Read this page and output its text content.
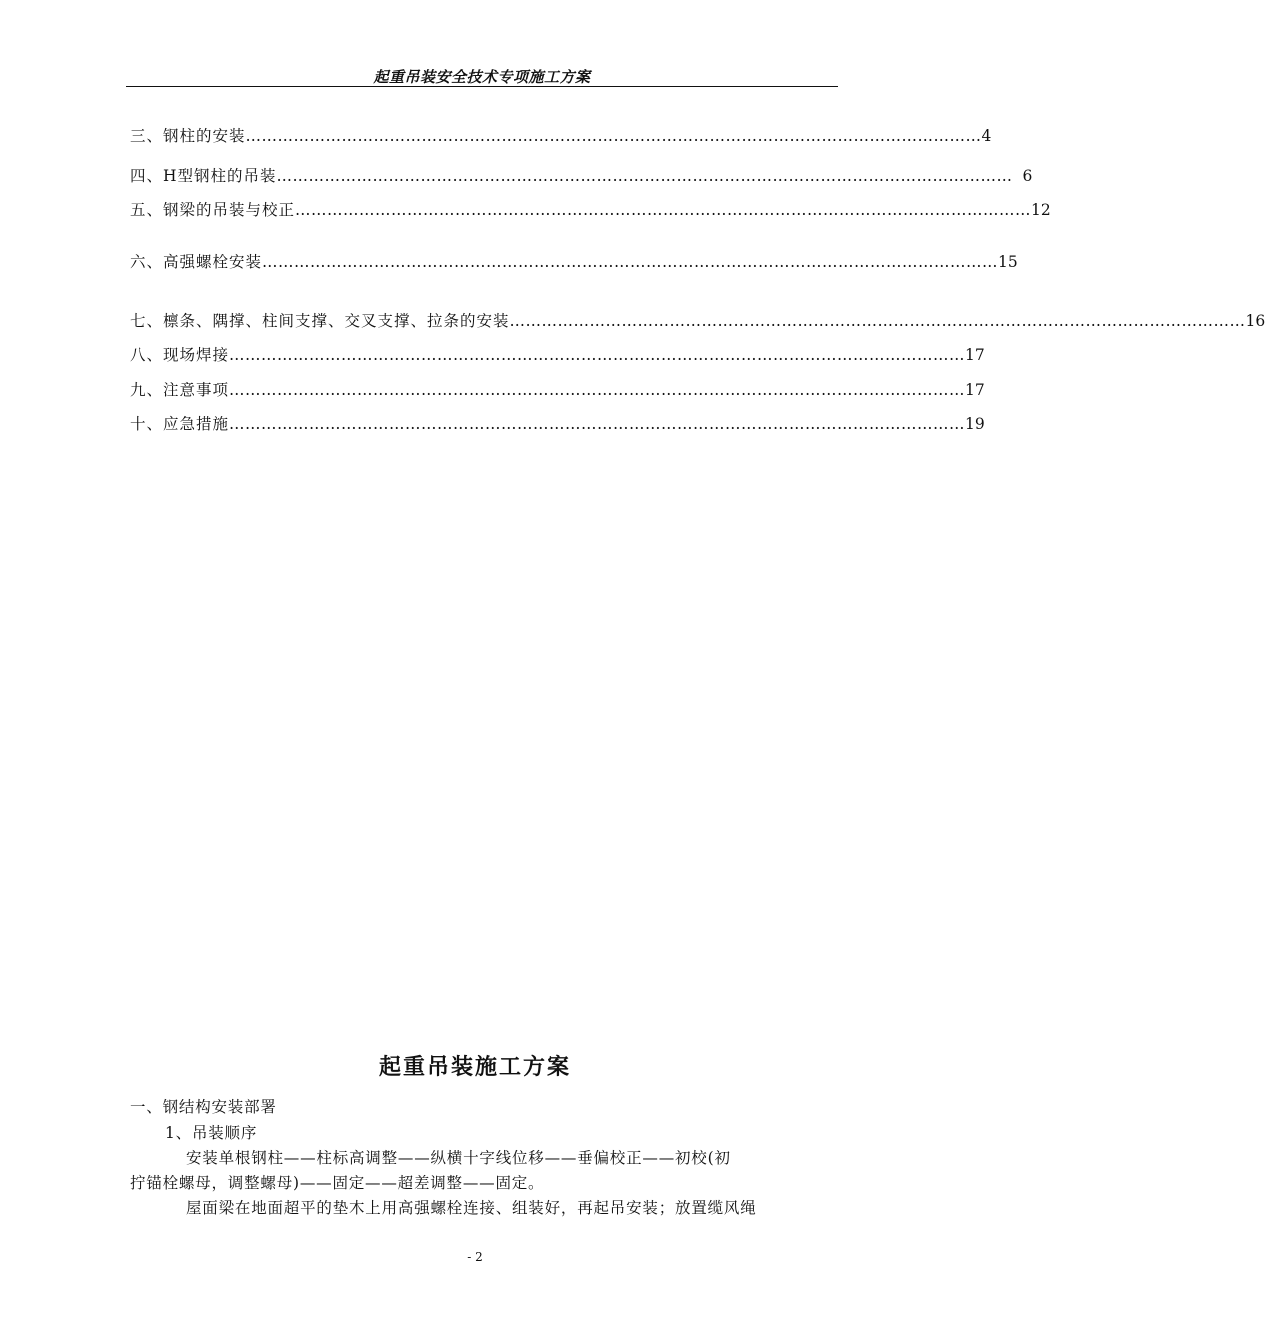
起重吊装安全技术专项施工方案
三、钢柱的安装 ………………………………………………………………………………………………………………………… 4
四、H型钢柱的吊装 ………………………………………………………………………………………………………………………… 6
五、钢梁的吊装与校正 ………………………………………………………………………………………………………………………… 12
六、高强螺栓安装 ………………………………………………………………………………………………………………………… 15
七、檩条、隅撑、柱间支撑、交叉支撑、拉条的安装 ………………………………………………………………………………………………………………………… 16
八、现场焊接 ………………………………………………………………………………………………………………………… 17
九、注意事项 ………………………………………………………………………………………………………………………… 17
十、应急措施 ………………………………………………………………………………………………………………………… 19
起重吊装施工方案
一、钢结构安装部署
1、吊装顺序
安装单根钢柱——柱标高调整——纵横十字线位移——垂偏校正——初校(初
拧锚栓螺母，调整螺母)——固定——超差调整——固定。
屋面梁在地面超平的垫木上用高强螺栓连接、组装好，再起吊安装；放置缆风绳
- 2
